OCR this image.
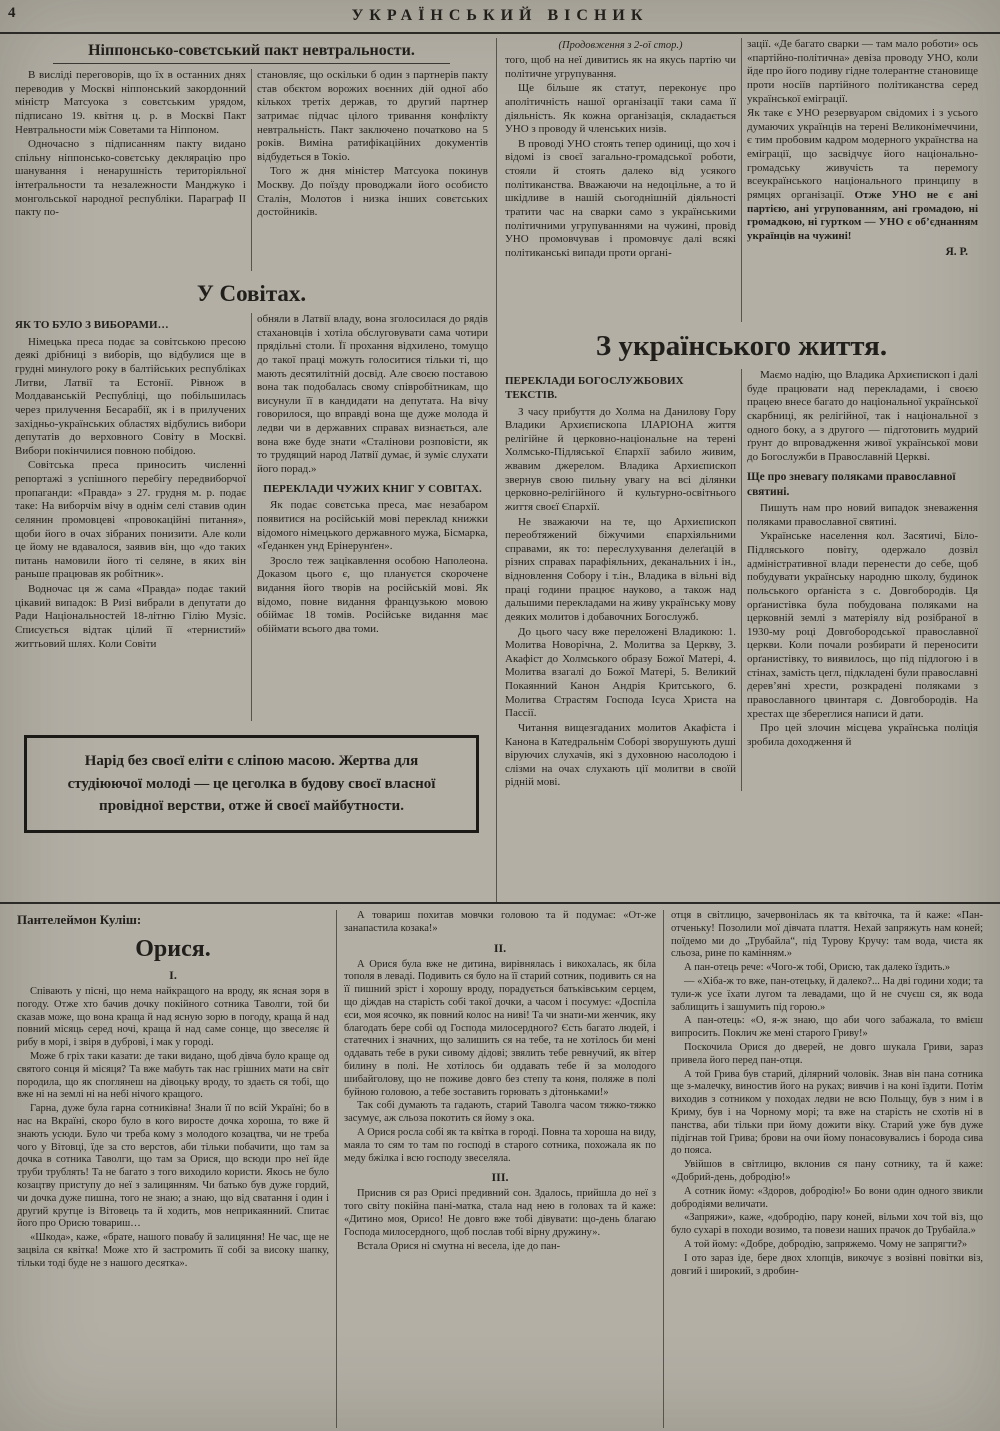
4	УКРАЇНСЬКИЙ ВІСНИК
Ніппонсько-совєтський пакт невтральности.

В висліді переговорів, що їх в останних днях переводив у Москві ніппонський закордонний міністр Матсуока з совєтським урядом, підписано 19. квітня ц. р. в Москві Пакт Невтральности між Советами та Ніппоном.

Одночасно з підписанням пакту видано спільну ніппонсько-совєтську деклярацію про шанування і ненарушність територіяльної інтеґральности та незалежности Манджуко і монгольської народної республіки. Параграф II пакту по-

становляє, що оскільки б один з партнерів пакту став обєктом ворожих воєнних дій одної або кількох третіх держав, то другий партнер затримає підчас цілого тривання конфлікту невтральність. Пакт заключено початково на 5 років. Виміна ратифікаційних документів відбудеться в Токіо.

Того ж дня міністер Матсуока покинув Москву. До поїзду проводжали його особисто Сталін, Молотов і низка інших совєтських достойників.

У Совітах.
ЯК ТО БУЛО З ВИБОРАМИ…

Німецька преса подає за совітською пресою деякі дрібниці з виборів, що відбулися ще в грудні минулого року в балтійських республіках Литви, Латвії та Естонії. Рівнож в Молдаванській Республіці, що побільшилась через прилучення Бесарабії, як і в прилучених західньо-українських областях відбулись вибори депутатів до верховного Совіту в Москві. Вибори покінчилися повною побідою.

Совітська преса приносить численні репортажі з успішного перебігу передвиборчої пропаганди: «Правда» з 27. грудня м. р. подає таке: На виборчім вічу в однім селі ставив один селянин промовцеві «провокаційні питання», щоби його в очах зібраних понизити. Але коли це йому не вдавалося, заявив він, що «до таких питань намовили його ті селяне, в яких він раньше працював як робітник».

Водночас ця ж сама «Правда» подає такий цікавий випадок: В Ризі вибрали в депутати до Ради Національностей 18-літню Гілію Музіс. Списується відтак цілий її «тернистий» життьовий шлях. Коли Совіти

обняли в Латвії владу, вона зголосилася до рядів стахановців і хотіла обслуговувати сама чотири прядільні столи. Її прохання відхилено, томущо до такої праці можуть голоситися тільки ті, що мають десятилітній досвід. Але своєю поставою вона так подобалась свому співробітникам, що висунули її в кандидати на депутата. На вічу говорилося, що вправді вона ще дуже молода й ледви чи в державних справах визнається, але вона вже буде знати «Сталінови розповісти, як то трудящий народ Латвії думає, й зуміє слухати його порад.»

ПЕРЕКЛАДИ ЧУЖИХ КНИГ У СОВІТАХ.

Як подає совєтська преса, має незабаром появитися на російській мові переклад книжки відомого німецького державного мужа, Бісмарка, «Ґеданкен унд Ерінерунґен».

Зросло теж зацікавлення особою Наполеона. Доказом цього є, що плануєтся скорочене видання його творів на російській мові. Як відомо, повне видання французькою мовою обіймає 18 томів. Російське видання має обіймати всього два томи.

Нарід без своєї еліти є сліпою масою. Жертва для студіюючої молоді — це цеголка в будову своєї власної провідної верстви, отже й своєї майбутности.
(Продовження з 2-ої стор.)

того, щоб на неї дивитись як на якусь партію чи політичне угрупування.

Ще більше як статут, переконує про аполітичність нашої організації таки сама її діяльність. Як кожна організація, складається УНО з проводу й членських низів.

В проводі УНО стоять тепер одиниці, що хоч і відомі із своєї загально-громадської роботи, стояли й стоять далеко від усякого політиканства. Вважаючи на недоцільне, а то й шкідливе в нашій сьогоднішній діяльності тратити час на сварки само з українськими політичними угрупуваннями на чужині, провід УНО промовчував і промовчує далі всякі політиканські випади проти органі-

зації. «Де багато сварки — там мало роботи» ось «партійно-політична» девіза проводу УНО, коли йде про його подиву гідне толерантне становище проти носіїв партійного політиканства серед української еміграції.

Як таке є УНО резервуаром свідомих і з усього думаючих українців на терені Великонімеччини, є тим пробовим кадром модерного українства на еміграції, що засвідчує його національно-громадську живучість та перемогу всеукраїнського національного принципу в рямцях організації. Отже УНО не є ані партією, ані угрупованням, ані громадою, ні громадкою, ні гуртком — УНО є об’єднанням українців на чужині!

Я. Р.
З українського життя.
ПЕРЕКЛАДИ БОГОСЛУЖБОВИХ ТЕКСТІВ.

З часу прибуття до Холма на Данилову Гору Владики Архиєпископа ІЛАРІОНА життя релігійне й церковно-національне на терені Холмсько-Підляської Єпархії забило живим, жвавим джерелом. Владика Архиєпископ звернув свою пильну увагу на всі ділянки церковно-релігійного й культурно-освітнього життя своєї Єпархії.

Не зважаючи на те, що Архиєпископ переобтяжений біжучими єпархіяльними справами, як то: переслухування делеґацій в різних справах парафіяльних, деканальних і ін., відновлення Собору і т.ін., Владика в вільні від праці години працює науково, а також над дальшими перекладами на живу українську мову деяких молитов і добавочних Богослужб.

До цього часу вже переложені Владикою: 1. Молитва Новорічна, 2. Молитва за Церкву, 3. Акафіст до Холмського образу Божої Матері, 4. Молитва взагалі до Божої Матері, 5. Великий Покаянний Канон Андрія Критського, 6. Молитва Страстям Господа Ісуса Христа на Пассії.

Читання вищезгаданих молитов Акафіста і Канона в Катедральнім Соборі зворушують душі віруючих слухачів, які з духовною насолодою і слізми на очах слухають ції молитви в своїй рідній мові.

Маємо надію, що Владика Архиєпископ і далі буде працювати над перекладами, і своєю працею внесе багато до національної української скарбниці, як релігійної, так і національної з одного боку, а з другого — підготовить мудрий ґрунт до впровадження живої української мови до Богослужби в Православній Церкві.

Ще про зневагу поляками православної святині.

Пишуть нам про новий випадок зневаження поляками православної святині.

Українське населення кол. Засятичі, Біло-Підляського повіту, одержало дозвіл адміністративної влади перенести до себе, щоб побудувати українську народню школу, будинок польського орґаніста з с. Довгобородів. Ця орґанистівка була побудована поляками на церковній землі з матеріялу від розібраної в 1930-му році Довгобородської православної церкви. Коли почали розбирати й переносити орґанистівку, то виявилось, що під підлогою і в стінах, замість цегл, підкладені були православні дерев’яні хрести, розкрадені поляками з православного цвинтаря с. Довгобородів. На хрестах ще збереглися написи й дати.

Про цей злочин місцева українська поліція зробила доходження й

Пантелеймон Куліш:
Орися.
І.

Співають у пісні, що нема найкращого на вроду, як ясная зоря в погоду. Отже хто бачив дочку покійного сотника Таволги, той би сказав може, що вона краща й над ясную зорю в погоду, краща й над повний місяць серед ночі, краща й над саме сонце, що звеселяє й рибу в морі, і звіря в дуброві, і мак у городі.

Може б гріх таки казати: де таки видано, щоб дівча було краще од святого сонця й місяця? Та вже мабуть так нас грішних мати на світ породила, що як споглянеш на дівоцьку вроду, то здаєть ся тобі, що вже ні на землі ні на небі нічого кращого.

Гарна, дуже була гарна сотниківна! Знали її по всій Україні; бо в нас на Вкраїні, скоро було в кого виросте дочка хороша, то вже й знають усюди. Було чи треба кому з молодого козацтва, чи не треба чого у Вітовці, їде за сто верстов, аби тільки побачити, що там за дочка в сотника Таволги, що там за Орися, що всюди про неї йде труби трублять! Та не багато з того виходило користи. Якось не було козацтву приступу до неї з залицянням. Чи батько був дуже гордий, чи дочка дуже пишна, того не знаю; а знаю, що від сватання і один і другий крутце із Вітовець та й ходить, мов неприкаянний. Спитає його про Орисю товариш…

«Шкода», каже, «брате, нашого повабу й залицяння! Не час, ще не зацвіла ся квітка! Може хто й застромить її собі за високу шапку, тільки тоді буде не з нашого десятка».

А товариш похитав мовчки головою та й подумає: «От-же занапастила козака!»

ІІ.

А Орися була вже не дитина, вирівнялась і викохалась, як біла тополя в леваді. Подивить ся було на її старий сотник, подивить ся на її пишний зріст і хорошу вроду, порадується батьківським серцем, що діждав на старість собі такої дочки, а часом і посумує: «Доспіла єси, моя ясочко, як повний колос на ниві! Та чи знати-ми женчик, яку благодать бере собі од Господа милосердного? Єсть багато людей, і статечних і значних, що залишить ся на тебе, та не хотілось би мені оддавать тебе в руки сивому дідові; звялить тебе ревнучий, як вітер билину в полі. Не хотілось би оддавать тебе й за молодого шибайголову, що не поживе довго без степу та коня, поляже в полі буйною головою, а тебе зоставить горювать з дітоньками!»

Так собі думають та гадають, старий Таволга часом тяжко-тяжко засумує, аж сльоза покотить ся йому з ока.

А Орися росла собі як та квітка в городі. Повна та хороша на виду, маяла то сям то там по господі в старого сотника, похожала як по меду бжілка і всю господу звеселяла.

ІІІ.

Приснив ся раз Орисі предивний сон. Здалось, прийшла до неї з того світу покійна пані-матка, стала над нею в головах та й каже: «Дитино моя, Орисо! Не довго вже тобі дівувати: що-день благаю Господа милосердного, щоб послав тобі вірну дружину».

Встала Орися ні смутна ні весела, іде до пан-

отця в світлицю, зачервонілась як та квіточка, та й каже: «Пан-отченьку! Позолили мої дівчата плаття. Нехай запряжуть нам коней; поїдемо ми до „Трубайла“, під Турову Кручу: там вода, чиста як сльоза, рине по камінням.»

А пан-отець рече: «Чого-ж тобі, Орисю, так далеко їздить.»

— «Хіба-ж то вже, пан-отецьку, й далеко?... На дві години ходи; та тули-ж усе їхати лугом та левадами, що й не счуєш ся, як вода заблищить і зашумить під горою.»

А пан-отець: «О, я-ж знаю, що аби чого забажала, то вмієш випросить. Поклич же мені старого Гриву!»

Поскочила Орися до дверей, не довго шукала Гриви, зараз привела його перед пан-отця.

А той Грива був старий, ділярний чоловік. Знав він пана сотника ще з-малечку, виностив його на руках; вивчив і на коні їздити. Потім виходив з сотником у походах ледви не всю Польщу, був з ним і в Криму, був і на Чорному морі; та вже на старість не схотів ні в панства, аби тільки при йому дожити віку. Старий уже був дуже підігнав той Грива; брови на очи йому понасовувались і борода сива до пояса.

Увійшов в світлицю, вклонив ся пану сотнику, та й каже: «Добрий-день, добродію!»

А сотник йому: «Здоров, добродію!» Бо вони один одного звикли добродіями величати.

«Запряжи», каже, «добродію, пару коней, вільми хоч той віз, що було сухарі в походи возимо, та повези наших прачок до Трубайла.»

А той йому: «Добре, добродію, запряжемо. Чому не запрягти?»

І ото зараз іде, бере двох хлопців, викочує з возівні повітки віз, довгий і широкий, з дробин-
